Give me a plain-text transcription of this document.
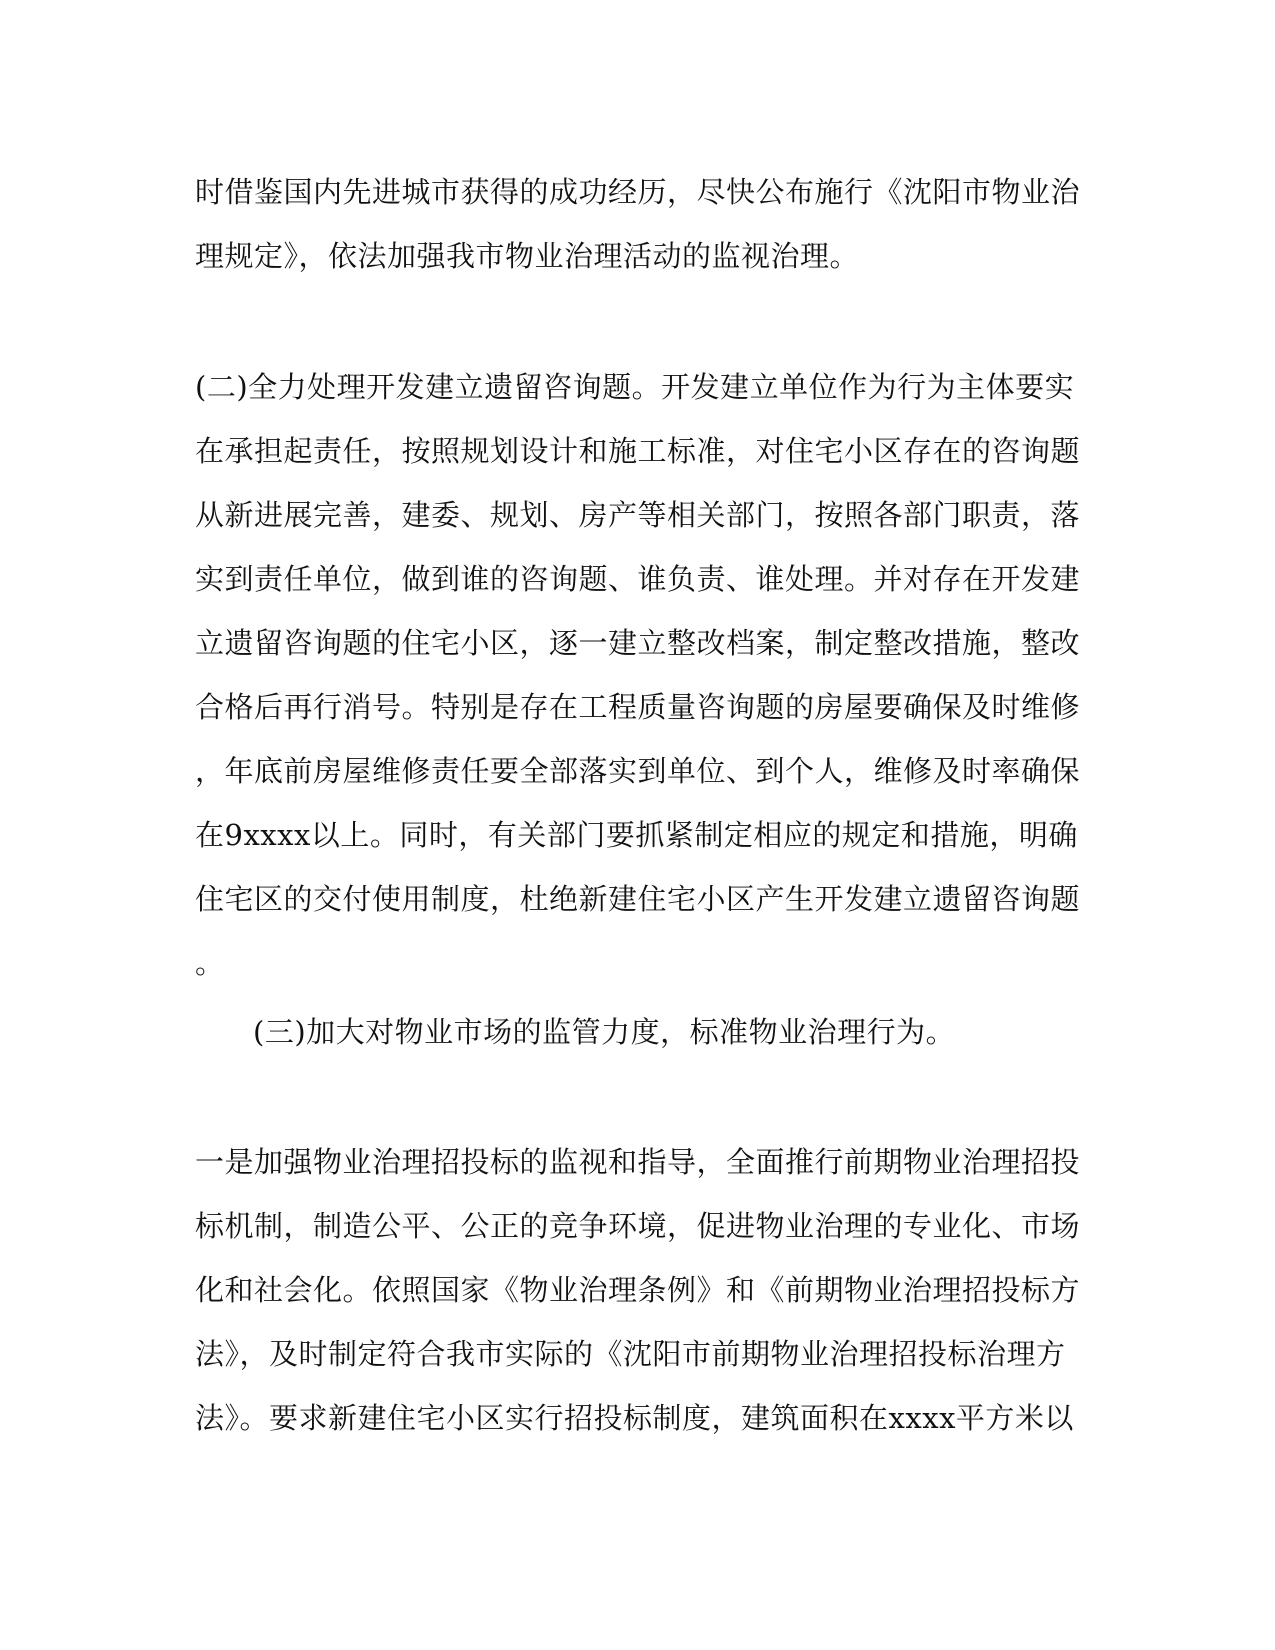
时借鉴国内先进城市获得的成功经历，尽快公布施行《沈阳市物业治
理规定》，依法加强我市物业治理活动的监视治理。
(二)全力处理开发建立遗留咨询题。开发建立单位作为行为主体要实
在承担起责任，按照规划设计和施工标准，对住宅小区存在的咨询题
从新进展完善，建委、规划、房产等相关部门，按照各部门职责，落
实到责任单位，做到谁的咨询题、谁负责、谁处理。并对存在开发建
立遗留咨询题的住宅小区，逐一建立整改档案，制定整改措施，整改
合格后再行消号。特别是存在工程质量咨询题的房屋要确保及时维修
，年底前房屋维修责任要全部落实到单位、到个人，维修及时率确保
在9xxxx以上。同时，有关部门要抓紧制定相应的规定和措施，明确
住宅区的交付使用制度，杜绝新建住宅小区产生开发建立遗留咨询题
。
(三)加大对物业市场的监管力度，标准物业治理行为。
一是加强物业治理招投标的监视和指导，全面推行前期物业治理招投
标机制，制造公平、公正的竞争环境，促进物业治理的专业化、市场
化和社会化。依照国家《物业治理条例》和《前期物业治理招投标方
法》，及时制定符合我市实际的《沈阳市前期物业治理招投标治理方
法》。要求新建住宅小区实行招投标制度，建筑面积在xxxx平方米以
